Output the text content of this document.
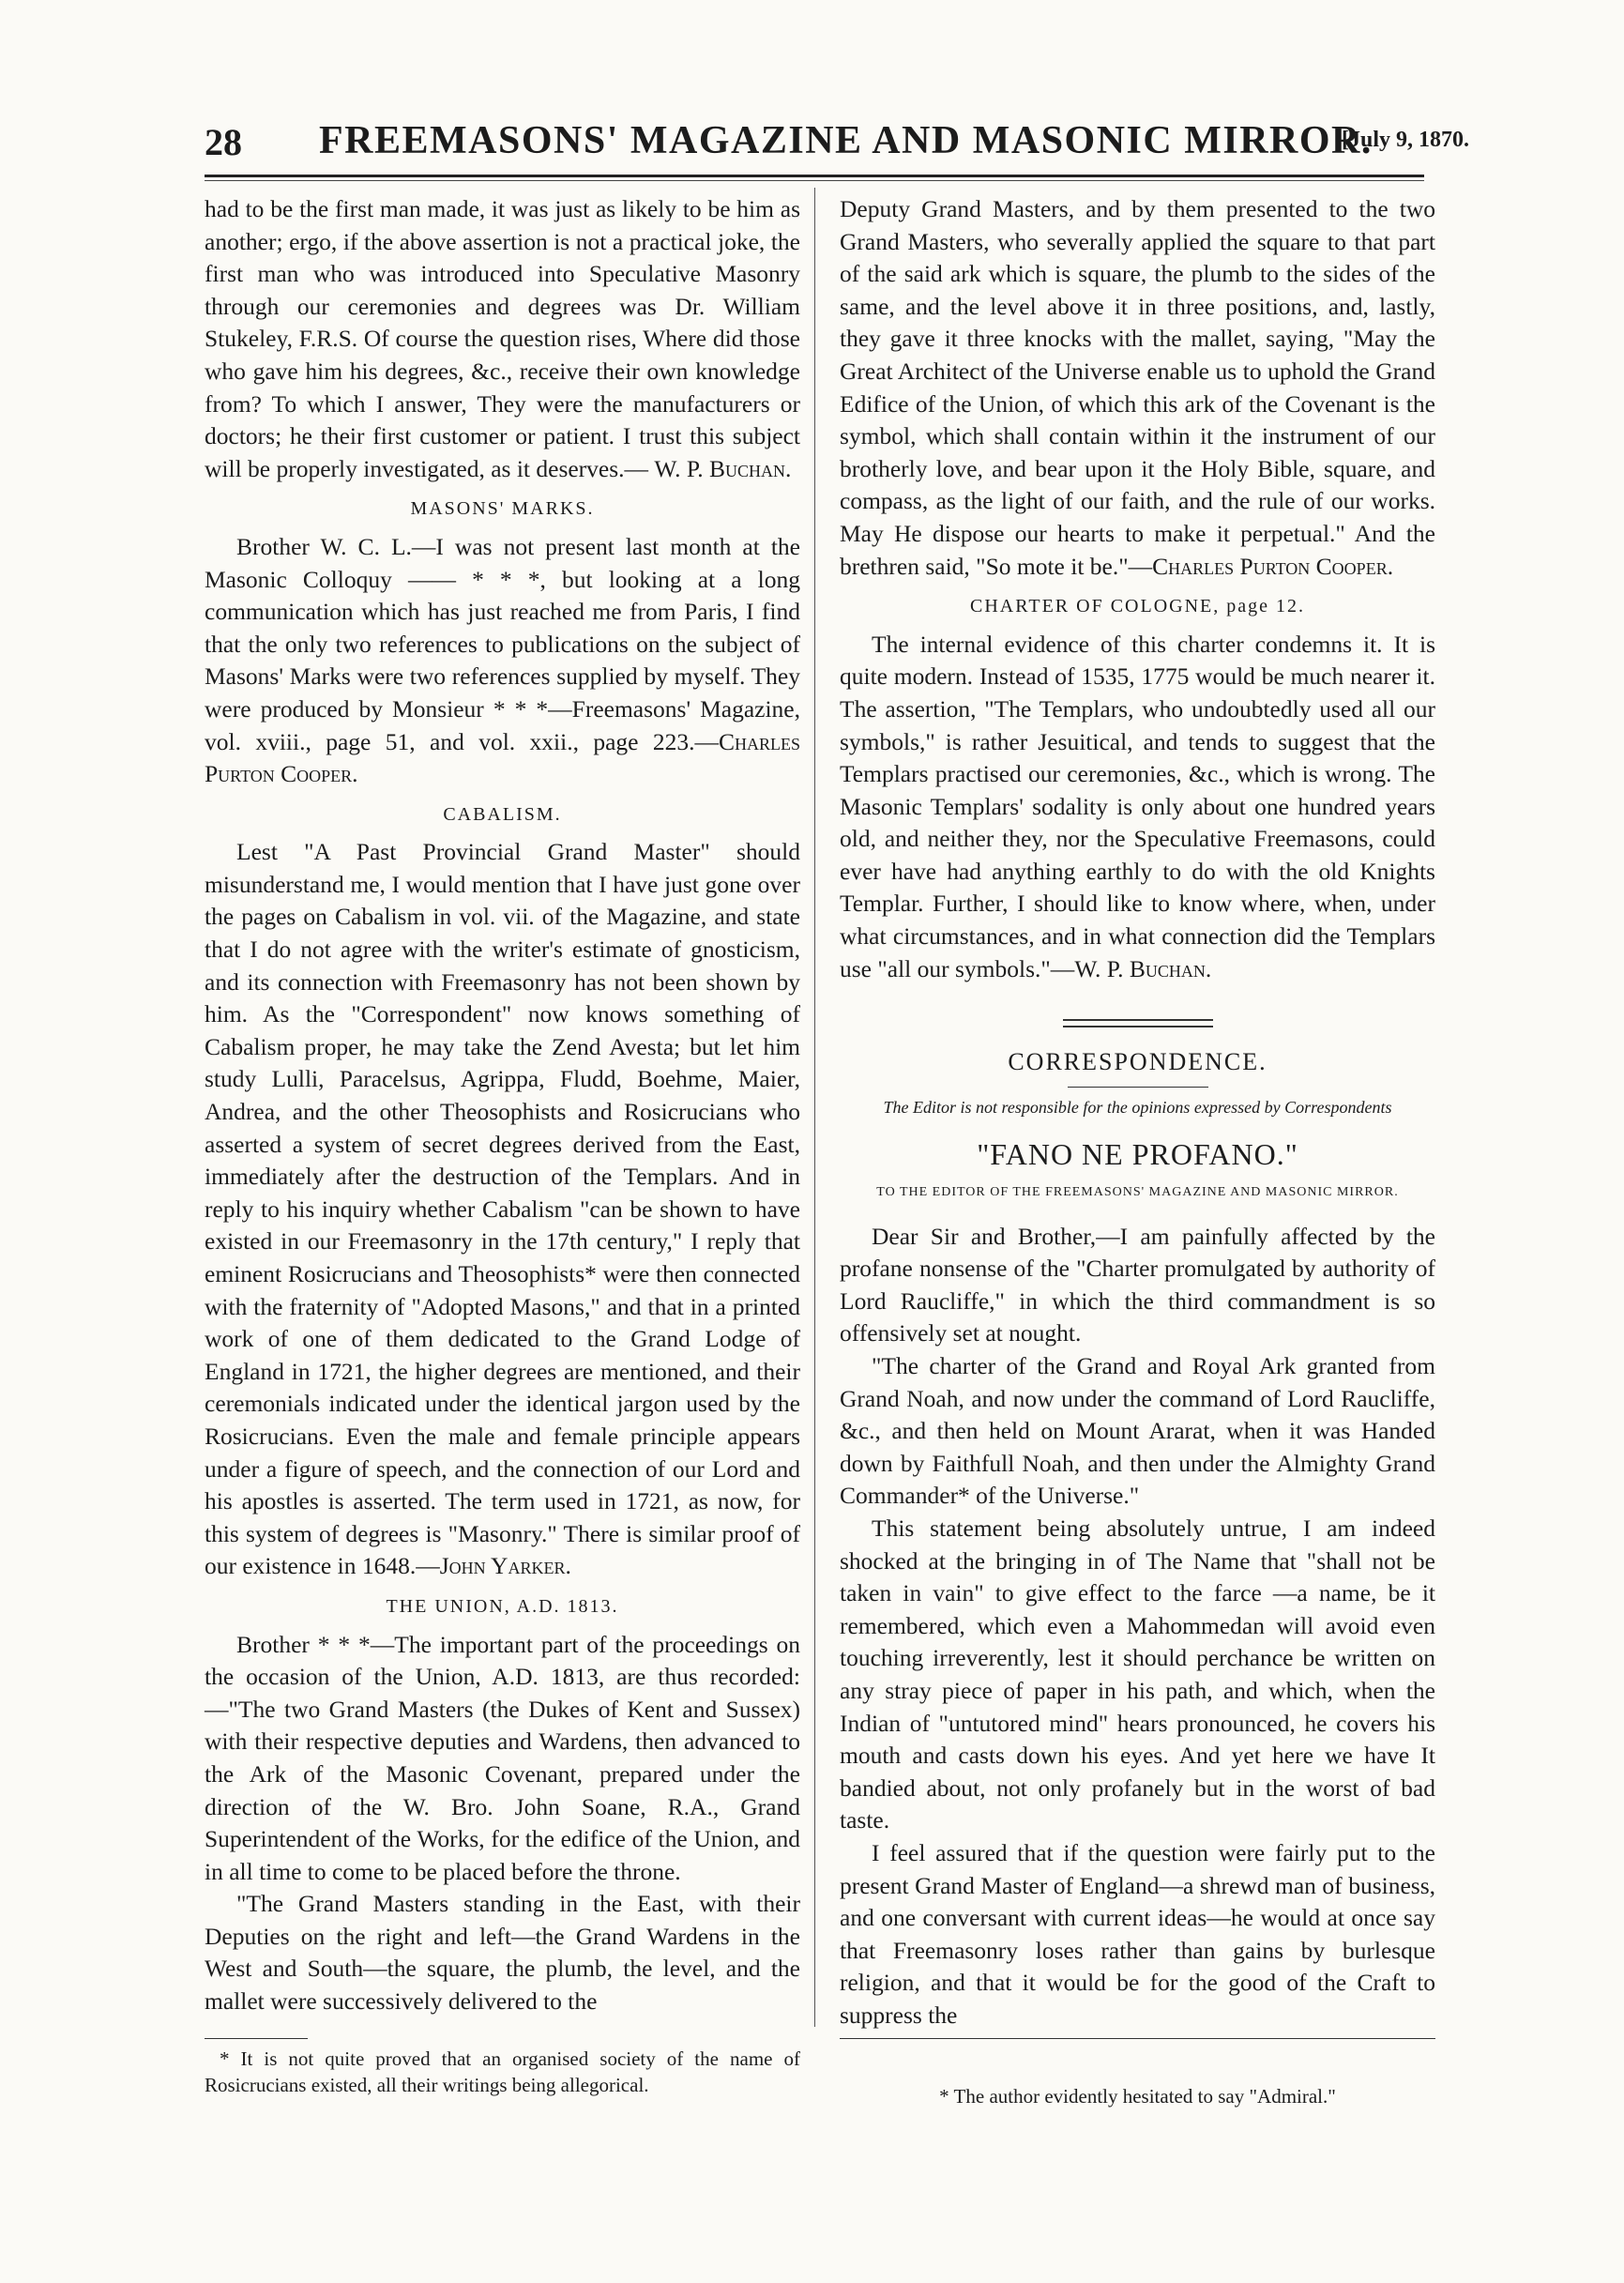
28 FREEMASONS' MAGAZINE AND MASONIC MIRROR.
[July 9, 1870.

had to be the first man made, it was just as likely to be him as another; ergo, if the above assertion is not a practical joke, the first man who was introduced into Speculative Masonry through our ceremonies and degrees was Dr. William Stukeley, F.R.S. Of course the question rises, Where did those who gave him his degrees, &c., receive their own knowledge from? To which I answer, They were the manufacturers or doctors; he their first customer or patient. I trust this subject will be properly investigated, as it deserves.— W. P. Buchan.

MASONS' MARKS.

Brother W. C. L.—I was not present last month at the Masonic Colloquy —— * * *, but looking at a long communication which has just reached me from Paris, I find that the only two references to publications on the subject of Masons' Marks were two references supplied by myself. They were produced by Monsieur * * *—Freemasons' Magazine, vol. xviii., page 51, and vol. xxii., page 223.—Charles Purton Cooper.

CABALISM.

Lest "A Past Provincial Grand Master" should misunderstand me, I would mention that I have just gone over the pages on Cabalism in vol. vii. of the Magazine, and state that I do not agree with the writer's estimate of gnosticism, and its connection with Freemasonry has not been shown by him. As the "Correspondent" now knows something of Cabalism proper, he may take the Zend Avesta; but let him study Lulli, Paracelsus, Agrippa, Fludd, Boehme, Maier, Andrea, and the other Theosophists and Rosicrucians who asserted a system of secret degrees derived from the East, immediately after the destruction of the Templars. And in reply to his inquiry whether Cabalism "can be shown to have existed in our Freemasonry in the 17th century," I reply that eminent Rosicrucians and Theosophists* were then connected with the fraternity of "Adopted Masons," and that in a printed work of one of them dedicated to the Grand Lodge of England in 1721, the higher degrees are mentioned, and their ceremonials indicated under the identical jargon used by the Rosicrucians. Even the male and female principle appears under a figure of speech, and the connection of our Lord and his apostles is asserted. The term used in 1721, as now, for this system of degrees is "Masonry." There is similar proof of our existence in 1648.—John Yarker.

THE UNION, A.D. 1813.

Brother * * *—The important part of the proceedings on the occasion of the Union, A.D. 1813, are thus recorded:—"The two Grand Masters (the Dukes of Kent and Sussex) with their respective deputies and Wardens, then advanced to the Ark of the Masonic Covenant, prepared under the direction of the W. Bro. John Soane, R.A., Grand Superintendent of the Works, for the edifice of the Union, and in all time to come to be placed before the throne.

"The Grand Masters standing in the East, with their Deputies on the right and left—the Grand Wardens in the West and South—the square, the plumb, the level, and the mallet were successively delivered to the

Deputy Grand Masters, and by them presented to the two Grand Masters, who severally applied the square to that part of the said ark which is square, the plumb to the sides of the same, and the level above it in three positions, and, lastly, they gave it three knocks with the mallet, saying, "May the Great Architect of the Universe enable us to uphold the Grand Edifice of the Union, of which this ark of the Covenant is the symbol, which shall contain within it the instrument of our brotherly love, and bear upon it the Holy Bible, square, and compass, as the light of our faith, and the rule of our works. May He dispose our hearts to make it perpetual." And the brethren said, "So mote it be."—Charles Purton Cooper.

CHARTER OF COLOGNE, page 12.

The internal evidence of this charter condemns it. It is quite modern. Instead of 1535, 1775 would be much nearer it. The assertion, "The Templars, who undoubtedly used all our symbols," is rather Jesuitical, and tends to suggest that the Templars practised our ceremonies, &c., which is wrong. The Masonic Templars' sodality is only about one hundred years old, and neither they, nor the Speculative Freemasons, could ever have had anything earthly to do with the old Knights Templar. Further, I should like to know where, when, under what circumstances, and in what connection did the Templars use "all our symbols."—W. P. Buchan.

CORRESPONDENCE.
The Editor is not responsible for the opinions expressed by Correspondents
"FANO NE PROFANO."
TO THE EDITOR OF THE FREEMASONS' MAGAZINE AND MASONIC MIRROR.

Dear Sir and Brother,—I am painfully affected by the profane nonsense of the "Charter promulgated by authority of Lord Raucliffe," in which the third commandment is so offensively set at nought.

"The charter of the Grand and Royal Ark granted from Grand Noah, and now under the command of Lord Raucliffe, &c., and then held on Mount Ararat, when it was Handed down by Faithfull Noah, and then under the Almighty Grand Commander* of the Universe."

This statement being absolutely untrue, I am indeed shocked at the bringing in of The Name that "shall not be taken in vain" to give effect to the farce —a name, be it remembered, which even a Mahommedan will avoid even touching irreverently, lest it should perchance be written on any stray piece of paper in his path, and which, when the Indian of "untutored mind" hears pronounced, he covers his mouth and casts down his eyes. And yet here we have It bandied about, not only profanely but in the worst of bad taste.

I feel assured that if the question were fairly put to the present Grand Master of England—a shrewd man of business, and one conversant with current ideas—he would at once say that Freemasonry loses rather than gains by burlesque religion, and that it would be for the good of the Craft to suppress the

* It is not quite proved that an organised society of the name of Rosicrucians existed, all their writings being allegorical.	* The author evidently hesitated to say "Admiral."
